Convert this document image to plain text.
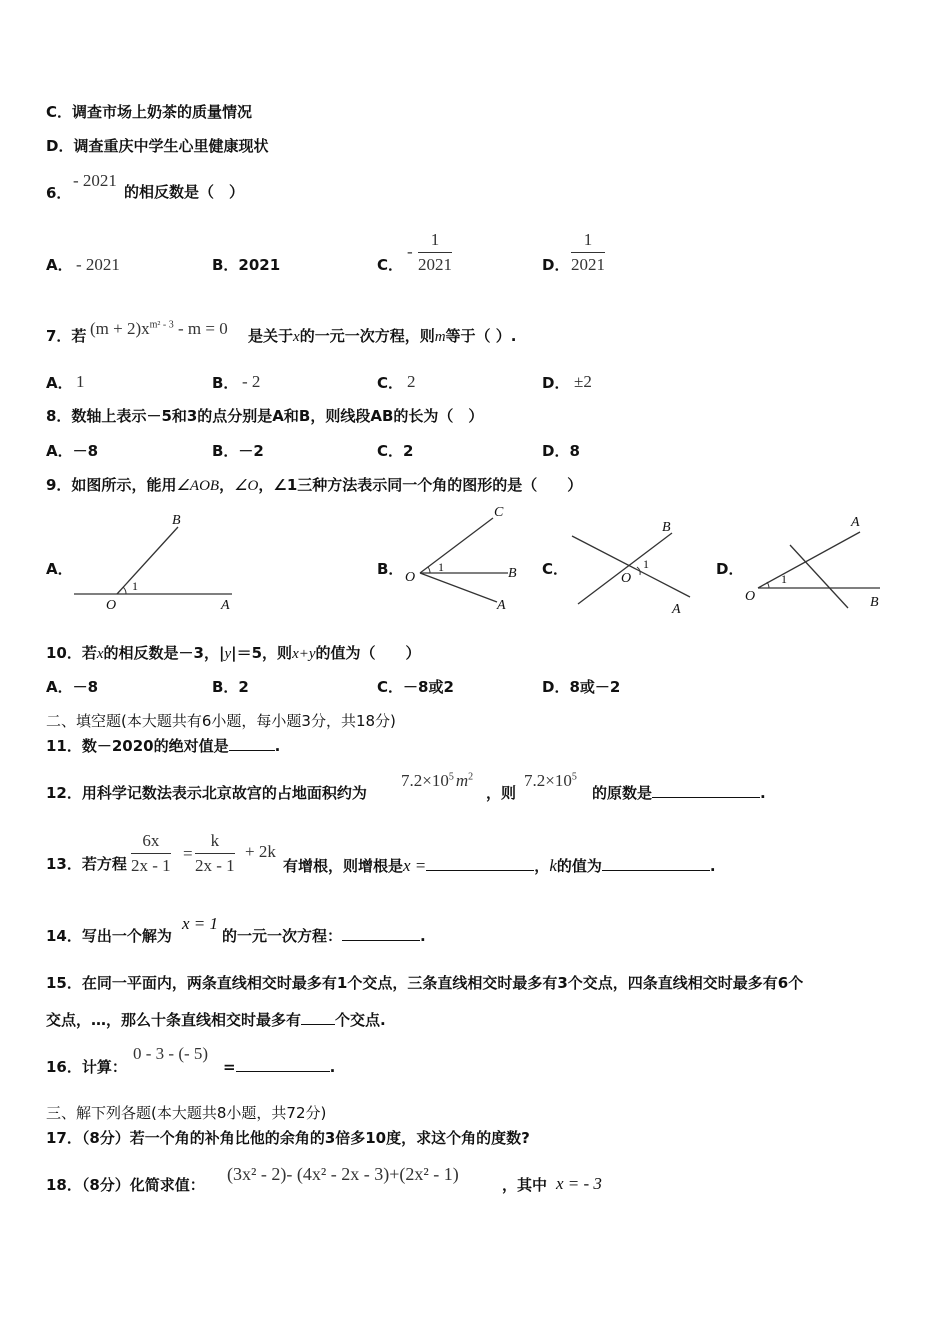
C．调查市场上奶茶的质量情况
D．调查重庆中学生心里健康现状
6．
- 2021
的相反数是（　）
A． - 2021	B．2021	C．
- $\frac{1}{2021}$	D． $\frac{1}{2021}$
7．若 $(m + 2)x^{m^2 - 3} - m = 0$ 是关于x的一元一次方程，则m等于（ ）.
A． 1	B． - 2	C． 2	D． ±2
8．数轴上表示－5和3的点分别是A和B，则线段AB的长为（　）
A．－8	B．－2	C．2	D．8
9．如图所示，能用∠AOB，∠O，∠1三种方法表示同一个角的图形的是（　　）
A．	B．	C．	D．
B
O	A
1
C
B
A
O
1
B
A
O
1
A
B
O
1
10．若x的相反数是－3，|y|＝5，则x+y的值为（　　）
A．－8	B．2	C．－8或2	D．8或－2
二、填空题(本大题共有6小题，每小题3分，共18分)
11．数－2020的绝对值是	.
12．用科学记数法表示北京故宫的占地面积约为
$7.2\times 10^5$ $m^2$
，则
$7.2\times 10^5$
的原数是	.
13．若方程 $\frac{6x}{2x - 1} = \frac{k}{2x - 1} + 2k$
有增根，则增根是x =	，k的值为	.
14．写出一个解为
x = 1
的一元一次方程：	.
15．在同一平面内，两条直线相交时最多有1个交点，三条直线相交时最多有3个交点，四条直线相交时最多有6个
交点，…，那么十条直线相交时最多有 个交点.
16．计算：
0 - 3 - (- 5)
=	.
三、解下列各题(本大题共8小题，共72分)
17．（8分）若一个角的补角比他的余角的3倍多10度，求这个角的度数?
18．（8分）化简求值：
(3x² - 2)- (4x² - 2x - 3)+(2x² - 1)
，其中 x = - 3
